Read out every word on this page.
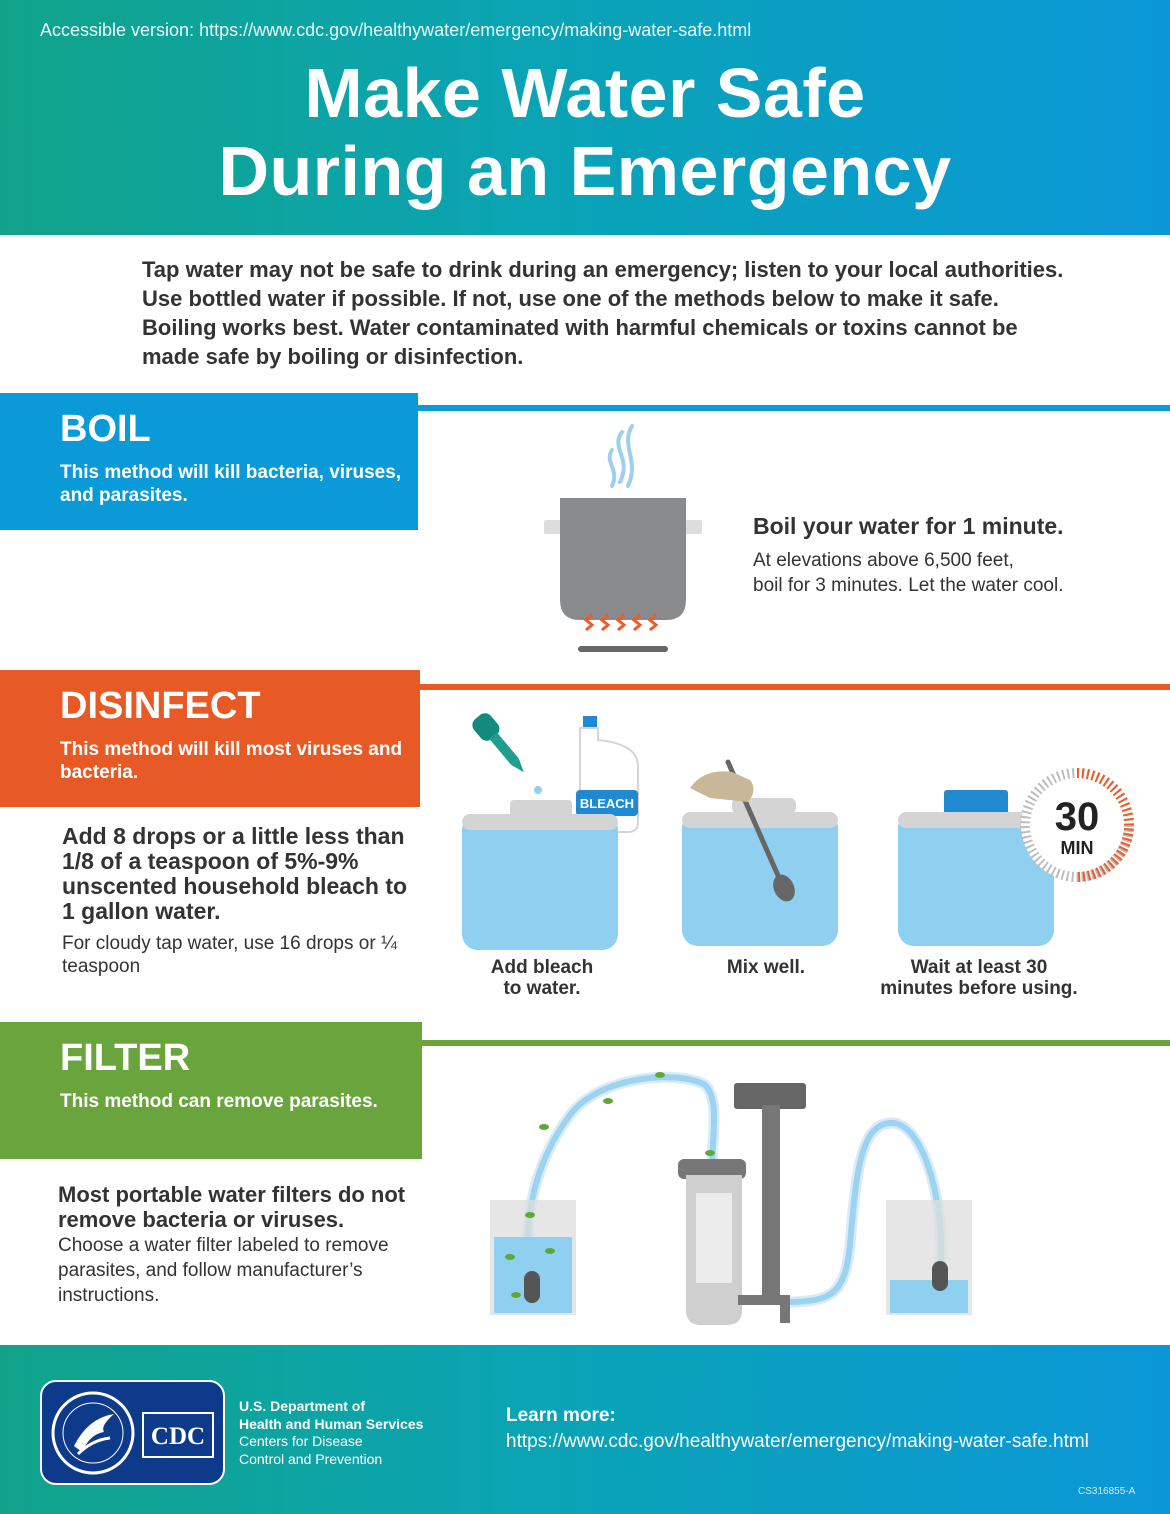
Accessible version: https://www.cdc.gov/healthywater/emergency/making-water-safe.html
Make Water Safe
During an Emergency
Tap water may not be safe to drink during an emergency; listen to your local authorities. Use bottled water if possible. If not, use one of the methods below to make it safe. Boiling works best. Water contaminated with harmful chemicals or toxins cannot be made safe by boiling or disinfection.
BOIL

This method will kill bacteria, viruses, and parasites.

Boil your water for 1 minute.
At elevations above 6,500 feet,
boil for 3 minutes. Let the water cool.
DISINFECT

This method will kill most viruses and bacteria.

Add 8 drops or a little less than 1/8 of a teaspoon of 5%-9% unscented household bleach to 1 gallon water.
For cloudy tap water, use 16 drops or ¼ teaspoon
BLEACH	30
MIN
Add bleach
to water.
Mix well.	Wait at least 30
minutes before using.
FILTER

This method can remove parasites.

Most portable water filters do not remove bacteria or viruses.
Choose a water filter labeled to remove parasites, and follow manufacturer’s instructions.
CDC
U.S. Department of
Health and Human Services
Centers for Disease
Control and Prevention
Learn more:
https://www.cdc.gov/healthywater/emergency/making-water-safe.html
CS316855-A
